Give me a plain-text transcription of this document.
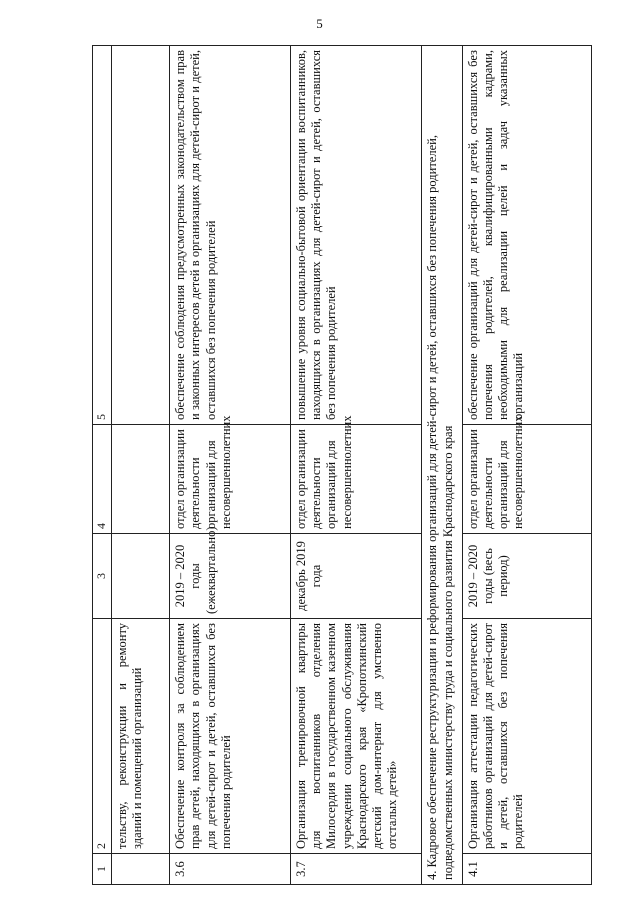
5
1	2	3	4	5
	тельству, реконструкции и ремонту зданий и помещений организаций			
3.6	Обеспечение контроля за соблюдением прав детей, находящихся в организациях для детей-сирот и детей, оставшихся без попечения родителей	2019 – 2020 годы (ежеквартально)	отдел организации деятельности организаций для несовершеннолетних	обеспечение соблюдения предусмотренных законодательством прав и законных интересов детей в организациях для детей-сирот и детей, оставшихся без попечения родителей
3.7	Организация тренировочной квартиры для воспитанников отделения Милосердия в государственном казенном учреждении социального обслуживания Краснодарского края «Кропоткинский детский дом-интернат для умственно отсталых детей»	декабрь 2019 года	отдел организации деятельности организаций для несовершеннолетних	повышение уровня социально-бытовой ориентации воспитанников, находящихся в организациях для детей-сирот и детей, оставшихся без попечения родителей
4. Кадровое обеспечение реструктуризации и реформирования организаций для детей-сирот и детей, оставшихся без попечения родителей, подведомственных министерству труда и социального развития Краснодарского края				
4.1	Организация аттестации педагогических работников организаций для детей-сирот и детей, оставшихся без попечения родителей	2019 – 2020 годы (весь период)	отдел организации деятельности организаций для несовершеннолетних	обеспечение организаций для детей-сирот и детей, оставшихся без попечения родителей, квалифицированными кадрами, необходимыми для реализации целей и задач указанных организаций
